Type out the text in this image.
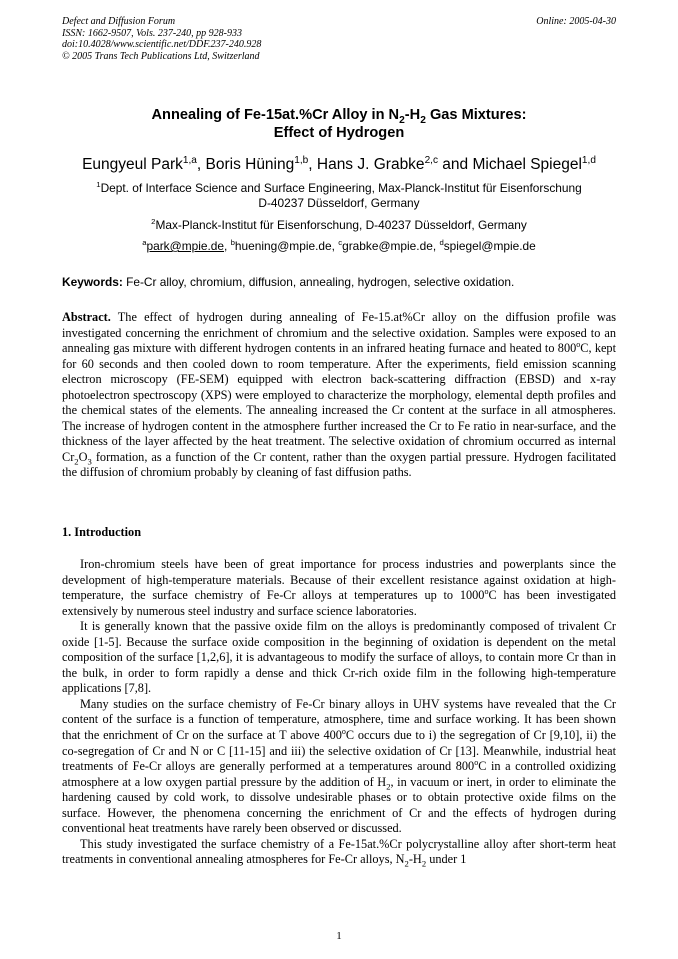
Defect and Diffusion Forum
ISSN: 1662-9507, Vols. 237-240, pp 928-933
doi:10.4028/www.scientific.net/DDF.237-240.928
© 2005 Trans Tech Publications Ltd, Switzerland
Online: 2005-04-30
Annealing of Fe-15at.%Cr Alloy in $N_2-H_2$ Gas Mixtures:
Effect of Hydrogen
Eungyeul Park$^{1,a}$, Boris Hüning$^{1,b}$, Hans J. Grabke$^{2,c}$ and Michael Spiegel$^{1,d}$
$^1$Dept. of Interface Science and Surface Engineering, Max-Planck-Institut für Eisenforschung
D-40237 Düsseldorf, Germany
$^2$Max-Planck-Institut für Eisenforschung, D-40237 Düsseldorf, Germany
$^a$park@mpie.de, $^b$huening@mpie.de, $^c$grabke@mpie.de, $^d$spiegel@mpie.de
Keywords: Fe-Cr alloy, chromium, diffusion, annealing, hydrogen, selective oxidation.
Abstract. The effect of hydrogen during annealing of Fe-15.at%Cr alloy on the diffusion profile was investigated concerning the enrichment of chromium and the selective oxidation. Samples were exposed to an annealing gas mixture with different hydrogen contents in an infrared heating furnace and heated to 800$^o$C, kept for 60 seconds and then cooled down to room temperature. After the experiments, field emission scanning electron microscopy (FE-SEM) equipped with electron back-scattering diffraction (EBSD) and x-ray photoelectron spectroscopy (XPS) were employed to characterize the morphology, elemental depth profiles and the chemical states of the elements. The annealing increased the Cr content at the surface in all atmospheres. The increase of hydrogen content in the atmosphere further increased the Cr to Fe ratio in near-surface, and the thickness of the layer affected by the heat treatment. The selective oxidation of chromium occurred as internal $Cr_2O_3$ formation, as a function of the Cr content, rather than the oxygen partial pressure. Hydrogen facilitated the diffusion of chromium probably by cleaning of fast diffusion paths.
1. Introduction

Iron-chromium steels have been of great importance for process industries and powerplants since the development of high-temperature materials. Because of their excellent resistance against oxidation at high-temperature, the surface chemistry of Fe-Cr alloys at temperatures up to 1000$^o$C has been investigated extensively by numerous steel industry and surface science laboratories.

It is generally known that the passive oxide film on the alloys is predominantly composed of trivalent Cr oxide [1-5]. Because the surface oxide composition in the beginning of oxidation is dependent on the metal composition of the surface [1,2,6], it is advantageous to modify the surface of alloys, to contain more Cr than in the bulk, in order to form rapidly a dense and thick Cr-rich oxide film in the following high-temperature applications [7,8].

Many studies on the surface chemistry of Fe-Cr binary alloys in UHV systems have revealed that the Cr content of the surface is a function of temperature, atmosphere, time and surface working. It has been shown that the enrichment of Cr on the surface at T above 400$^o$C occurs due to i) the segregation of Cr [9,10], ii) the co-segregation of Cr and N or C [11-15] and iii) the selective oxidation of Cr [13]. Meanwhile, industrial heat treatments of Fe-Cr alloys are generally performed at a temperatures around 800$^o$C in a controlled oxidizing atmosphere at a low oxygen partial pressure by the addition of $H_2$, in vacuum or inert, in order to eliminate the hardening caused by cold work, to dissolve undesirable phases or to obtain protective oxide films on the surface. However, the phenomena concerning the enrichment of Cr and the effects of hydrogen during conventional heat treatments have rarely been observed or discussed.

This study investigated the surface chemistry of a Fe-15at.%Cr polycrystalline alloy after short-term heat treatments in conventional annealing atmospheres for Fe-Cr alloys, $N_2-H_2$ under 1

1
